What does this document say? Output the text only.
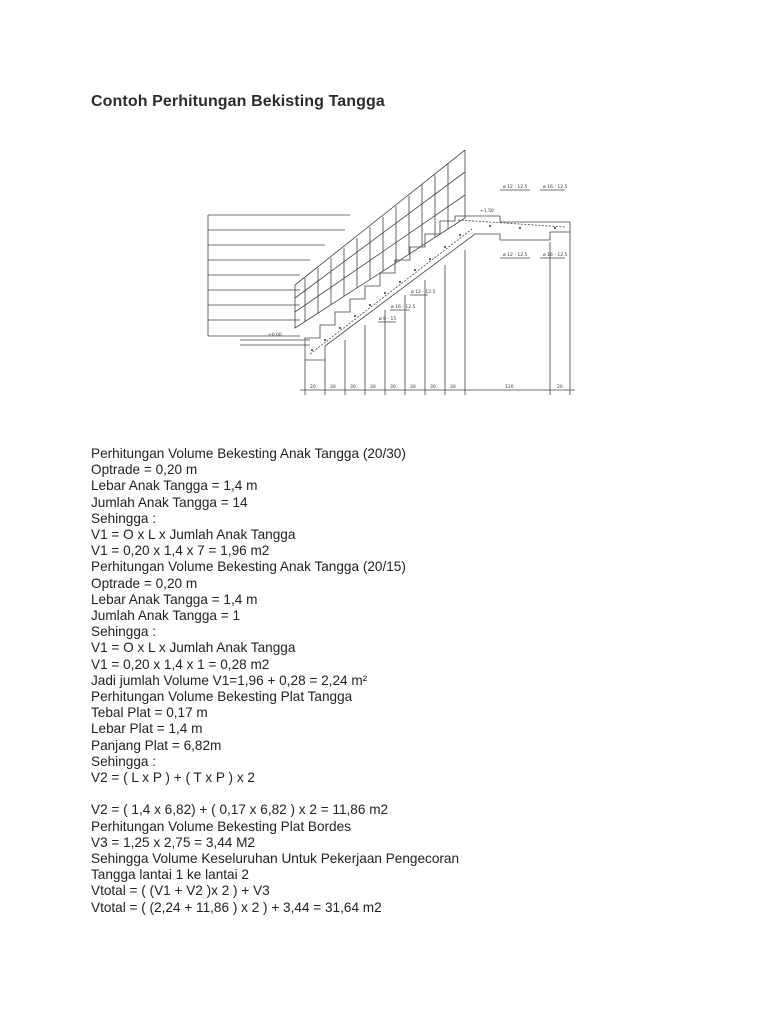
Contoh Perhitungan Bekisting Tangga
ø 12 - 12.5	ø 16 - 12.5
ø 12 - 12.5	ø 16 - 12.5
ø 12 - 12.5
ø 16 - 12.5
ø 8 - 15
+1.50
+0.00
20	30	30	30	30	30	30	30	120	20
Perhitungan Volume Bekesting Anak Tangga (20/30)
Optrade = 0,20 m
Lebar Anak Tangga = 1,4 m
Jumlah Anak Tangga = 14
Sehingga :
V1 = O x L x Jumlah Anak Tangga
V1 = 0,20 x 1,4 x 7 = 1,96 m2
Perhitungan Volume Bekesting Anak Tangga (20/15)
Optrade = 0,20 m
Lebar Anak Tangga = 1,4 m
Jumlah Anak Tangga = 1
Sehingga :
V1 = O x L x Jumlah Anak Tangga
V1 = 0,20 x 1,4 x 1 = 0,28 m2
Jadi jumlah Volume V1=1,96 + 0,28 = 2,24 m²
Perhitungan Volume Bekesting Plat Tangga
Tebal Plat = 0,17 m
Lebar Plat = 1,4 m
Panjang Plat = 6,82m
Sehingga :
V2 = ( L x P ) + ( T x P ) x 2
V2 = ( 1,4 x 6,82) + ( 0,17 x 6,82 ) x 2 = 11,86 m2
Perhitungan Volume Bekesting Plat Bordes
V3 = 1,25 x 2,75 = 3,44 M2
Sehingga Volume Keseluruhan Untuk Pekerjaan Pengecoran
Tangga lantai 1 ke lantai 2
Vtotal = ( (V1 + V2 )x 2 ) + V3
Vtotal = ( (2,24 + 11,86 ) x 2 ) + 3,44 = 31,64 m2
